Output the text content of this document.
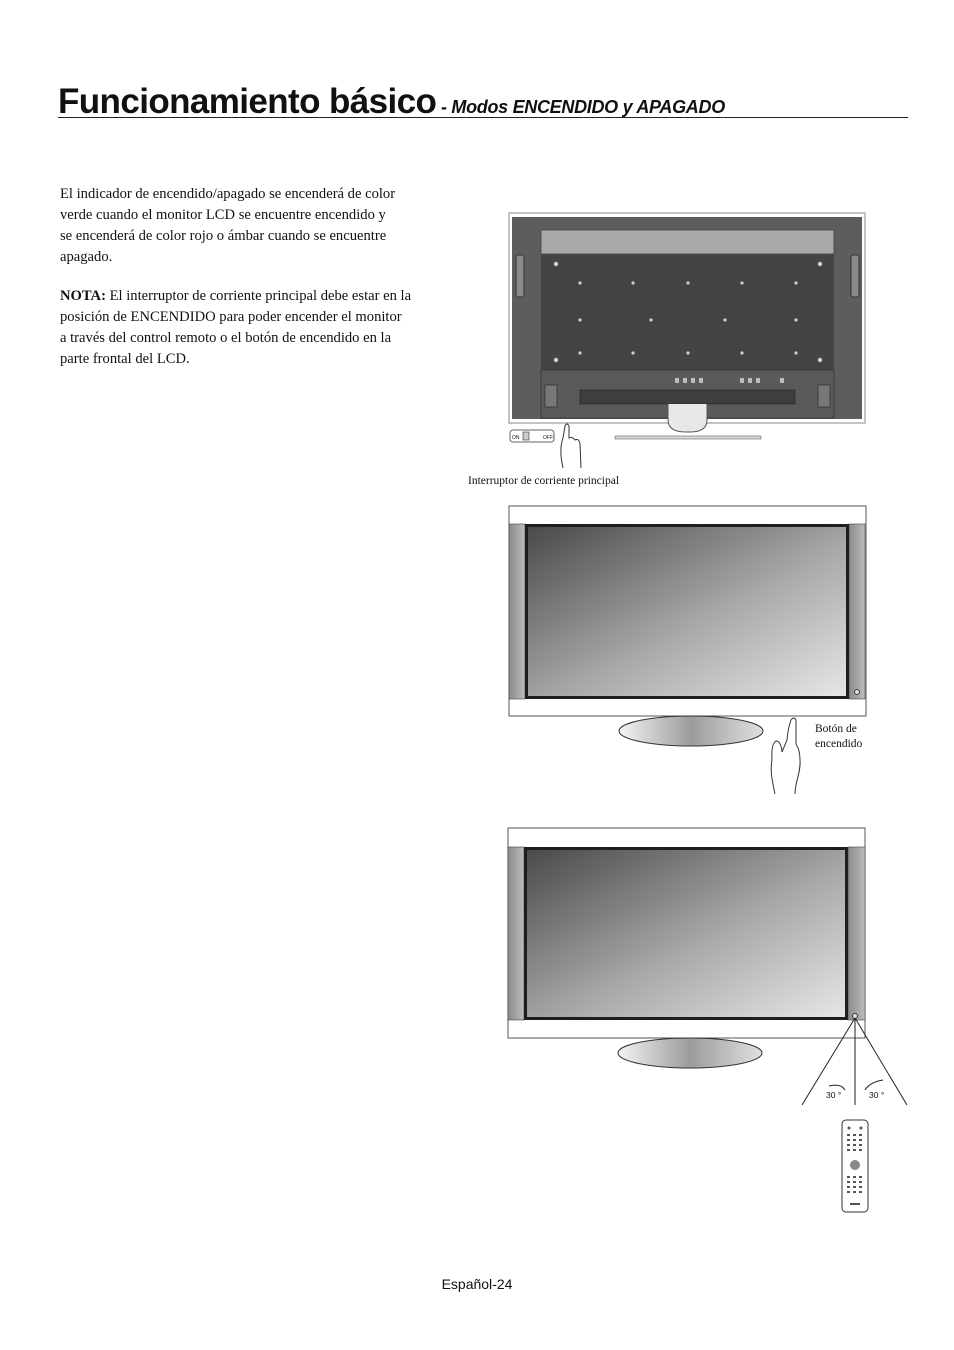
Funcionamiento básico - Modos ENCENDIDO y APAGADO

El indicador de encendido/apagado se encenderá de color
verde cuando el monitor LCD se encuentre encendido y
se encenderá de color rojo o ámbar cuando se encuentre
apagado.

NOTA: El interruptor de corriente principal debe estar en la
posición de ENCENDIDO para poder encender el monitor
a través del control remoto o el botón de encendido en la
parte frontal del LCD.

ON	OFF
Interruptor de corriente principal
Botón de
encendido
30 °	30 °
Español-24
